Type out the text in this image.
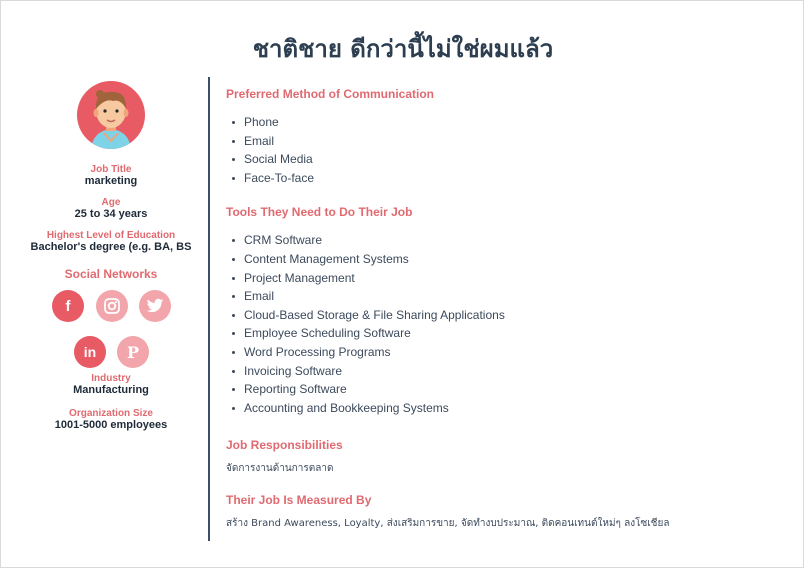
ชาติชาย ดีกว่านี้ไม่ใช่ผมแล้ว
Job Title
marketing
Age
25 to 34 years
Highest Level of Education
Bachelor's degree (e.g. BA, BS
Social Networks
f
in	P
Industry
Manufacturing
Organization Size
1001-5000 employees
Preferred Method of Communication
Phone
Email
Social Media
Face-To-face
Tools They Need to Do Their Job
CRM Software
Content Management Systems
Project Management
Email
Cloud-Based Storage & File Sharing Applications
Employee Scheduling Software
Word Processing Programs
Invoicing Software
Reporting Software
Accounting and Bookkeeping Systems
Job Responsibilities
จัดการงานด้านการตลาด
Their Job Is Measured By
สร้าง Brand Awareness, Loyalty, ส่งเสริมการขาย, จัดทำงบประมาณ, ติดคอนเทนต์ใหม่ๆ ลงโซเชียล
